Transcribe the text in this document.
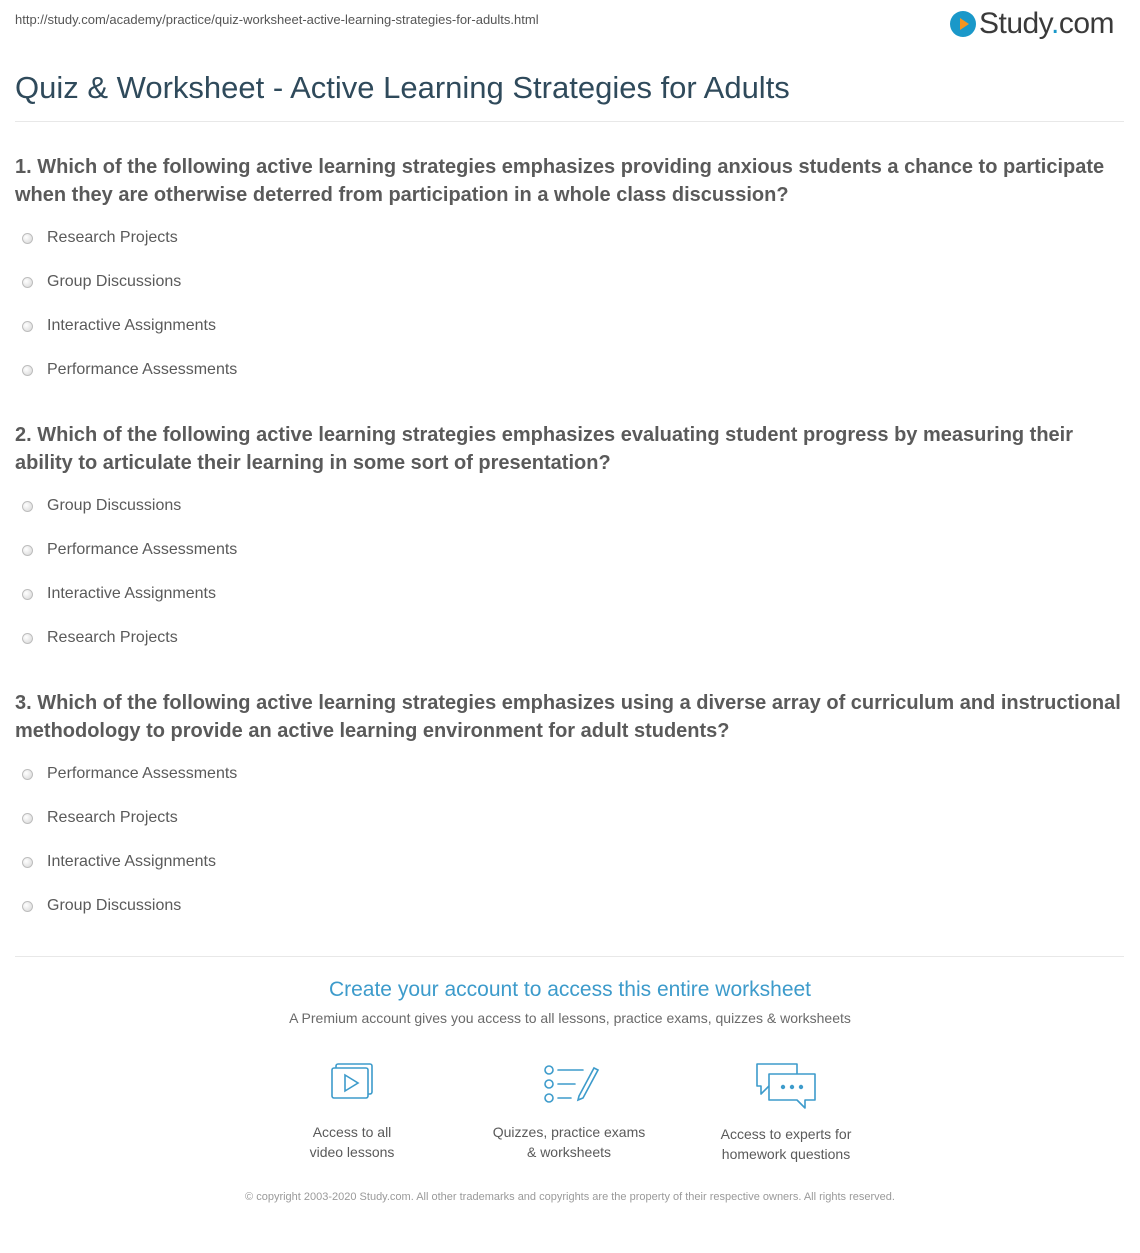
http://study.com/academy/practice/quiz-worksheet-active-learning-strategies-for-adults.html	Study.com
Quiz & Worksheet - Active Learning Strategies for Adults

1. Which of the following active learning strategies emphasizes providing anxious students a chance to participate when they are otherwise deterred from participation in a whole class discussion?

Research Projects
Group Discussions
Interactive Assignments
Performance Assessments

2. Which of the following active learning strategies emphasizes evaluating student progress by measuring their ability to articulate their learning in some sort of presentation?

Group Discussions
Performance Assessments
Interactive Assignments
Research Projects

3. Which of the following active learning strategies emphasizes using a diverse array of curriculum and instructional methodology to provide an active learning environment for adult students?

Performance Assessments
Research Projects
Interactive Assignments
Group Discussions
Create your account to access this entire worksheet
A Premium account gives you access to all lessons, practice exams, quizzes & worksheets
Access to all
video lessons
Quizzes, practice exams
& worksheets
Access to experts for
homework questions
© copyright 2003-2020 Study.com. All other trademarks and copyrights are the property of their respective owners. All rights reserved.
